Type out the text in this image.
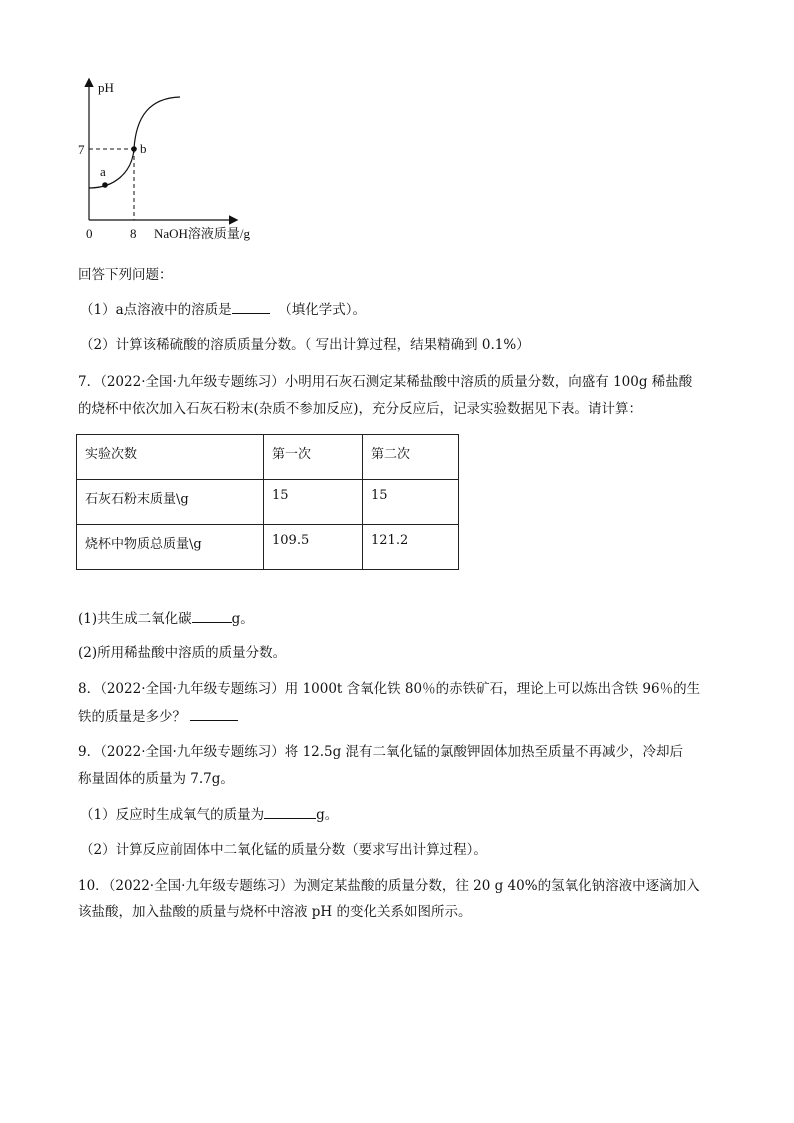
pH
7
a
b
0	8 NaOH溶液质量/g
回答下列问题：
（1）a点溶液中的溶质是	（填化学式）。
（2）计算该稀硫酸的溶质质量分数。（ 写出计算过程，结果精确到 0.1%）
7．（2022·全国·九年级专题练习）小明用石灰石测定某稀盐酸中溶质的质量分数，向盛有 100g 稀盐酸
的烧杯中依次加入石灰石粉末(杂质不参加反应)，充分反应后，记录实验数据见下表。请计算：
实验次数	第一次	第二次
石灰石粉末质量\g	15	15
烧杯中物质总质量\g	109.5	121.2
(1)共生成二氧化碳	g。
(2)所用稀盐酸中溶质的质量分数。
8．（2022·全国·九年级专题练习）用 1000t 含氧化铁 80％的赤铁矿石，理论上可以炼出含铁 96％的生
铁的质量是多少？
9．（2022·全国·九年级专题练习）将 12.5g 混有二氧化锰的氯酸钾固体加热至质量不再减少，冷却后
称量固体的质量为 7.7g。
（1）反应时生成氧气的质量为	g。
（2）计算反应前固体中二氧化锰的质量分数（要求写出计算过程）。
10．（2022·全国·九年级专题练习）为测定某盐酸的质量分数，往 20 g 40%的氢氧化钠溶液中逐滴加入
该盐酸，加入盐酸的质量与烧杯中溶液 pH 的变化关系如图所示。
